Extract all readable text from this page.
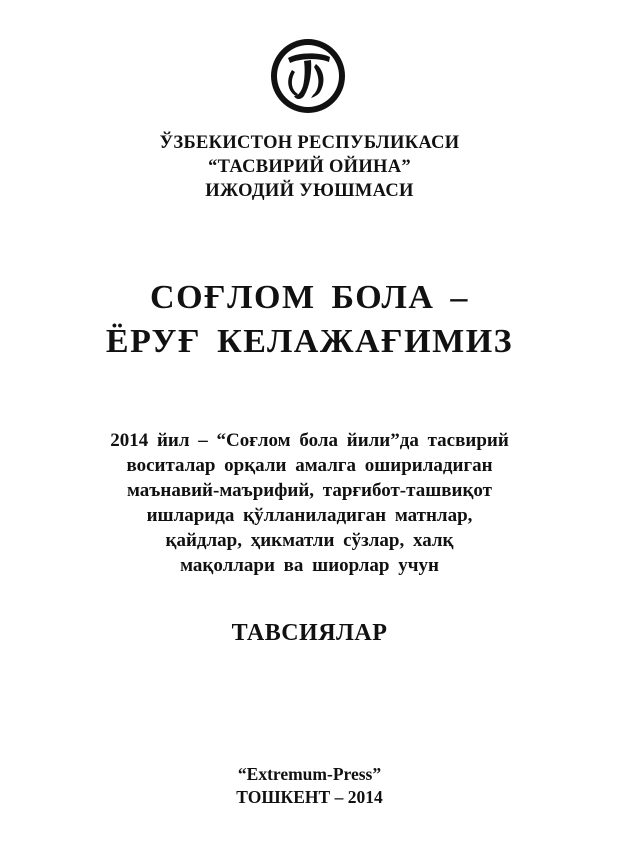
ЎЗБЕКИСТОН РЕСПУБЛИКАСИ
“ТАСВИРИЙ ОЙИНА”
ИЖОДИЙ УЮШМАСИ
СОҒЛОМ БОЛА –
ЁРУҒ КЕЛАЖАҒИМИЗ
2014 йил – “Соғлом бола йили”да тасвирий
воситалар орқали амалга ошириладиган
маънавий-маърифий, тарғибот-ташвиқот
ишларида қўлланиладиган матнлар,
қайдлар, ҳикматли сўзлар, халқ
мақоллари ва шиорлар учун
ТАВСИЯЛАР
“Extremum-Press”
ТОШКЕНТ – 2014
